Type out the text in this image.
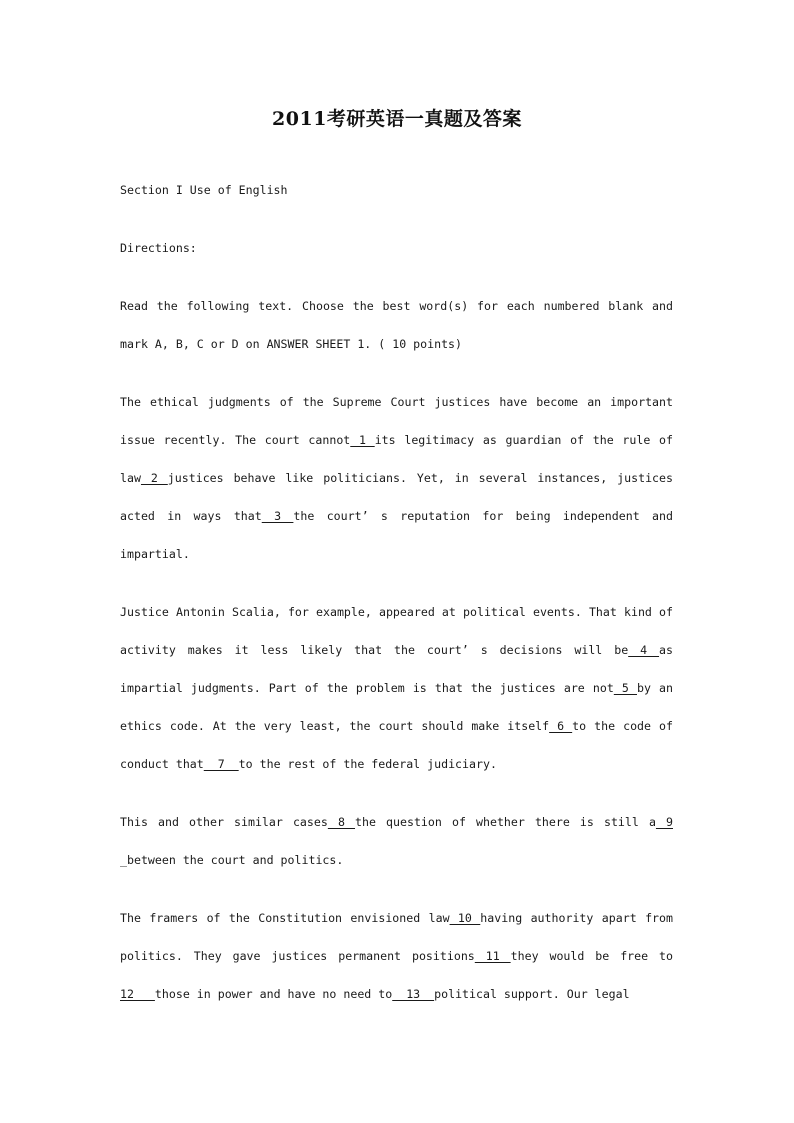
2011考研英语一真题及答案
Section I Use of English
Directions:
Read the following text. Choose the best word(s) for each numbered blank and
mark A, B, C or D on ANSWER SHEET 1. ( 10 points)
The ethical judgments of the Supreme Court justices have become an important
issue recently. The court cannot 1 its legitimacy as guardian of the rule of
law 2 justices behave like politicians. Yet, in several instances, justices
acted in ways that 3 the court’ s reputation for being independent and
impartial.
Justice Antonin Scalia, for example, appeared at political events. That kind of
activity makes it less likely that the court’ s decisions will be 4 as
impartial judgments. Part of the problem is that the justices are not 5 by an
ethics code. At the very least, the court should make itself 6 to the code of
conduct that  7  to the rest of the federal judiciary.
This and other similar cases 8 the question of whether there is still a 9
_between the court and politics.
The framers of the Constitution envisioned law 10 having authority apart from
politics. They gave justices permanent positions 11 they would be free to
12   those in power and have no need to  13  political support. Our legal
